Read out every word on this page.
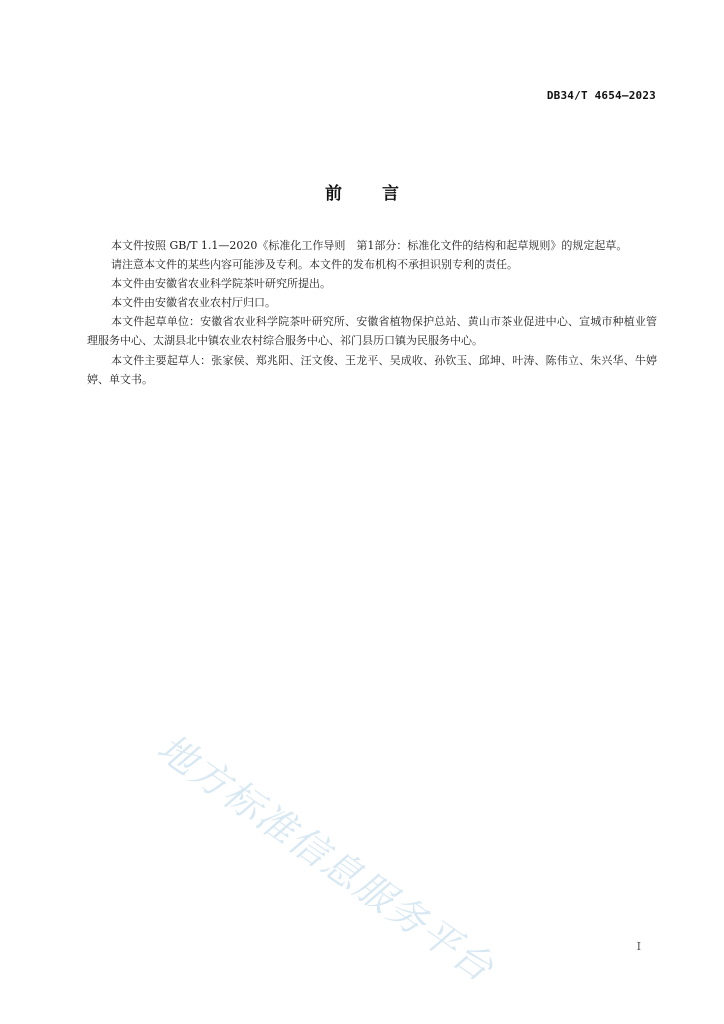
DB34/T 4654—2023
前言

本文件按照 GB/T 1.1—2020《标准化工作导则　第1部分：标准化文件的结构和起草规则》的规定起草。

请注意本文件的某些内容可能涉及专利。本文件的发布机构不承担识别专利的责任。

本文件由安徽省农业科学院茶叶研究所提出。

本文件由安徽省农业农村厅归口。

本文件起草单位：安徽省农业科学院茶叶研究所、安徽省植物保护总站、黄山市茶业促进中心、宣城市种植业管理服务中心、太湖县北中镇农业农村综合服务中心、祁门县历口镇为民服务中心。

本文件主要起草人：张家侯、郑兆阳、汪文俊、王龙平、吴成收、孙钦玉、邱坤、叶涛、陈伟立、朱兴华、牛婷婷、单文书。

地方标准信息服务平台	I
